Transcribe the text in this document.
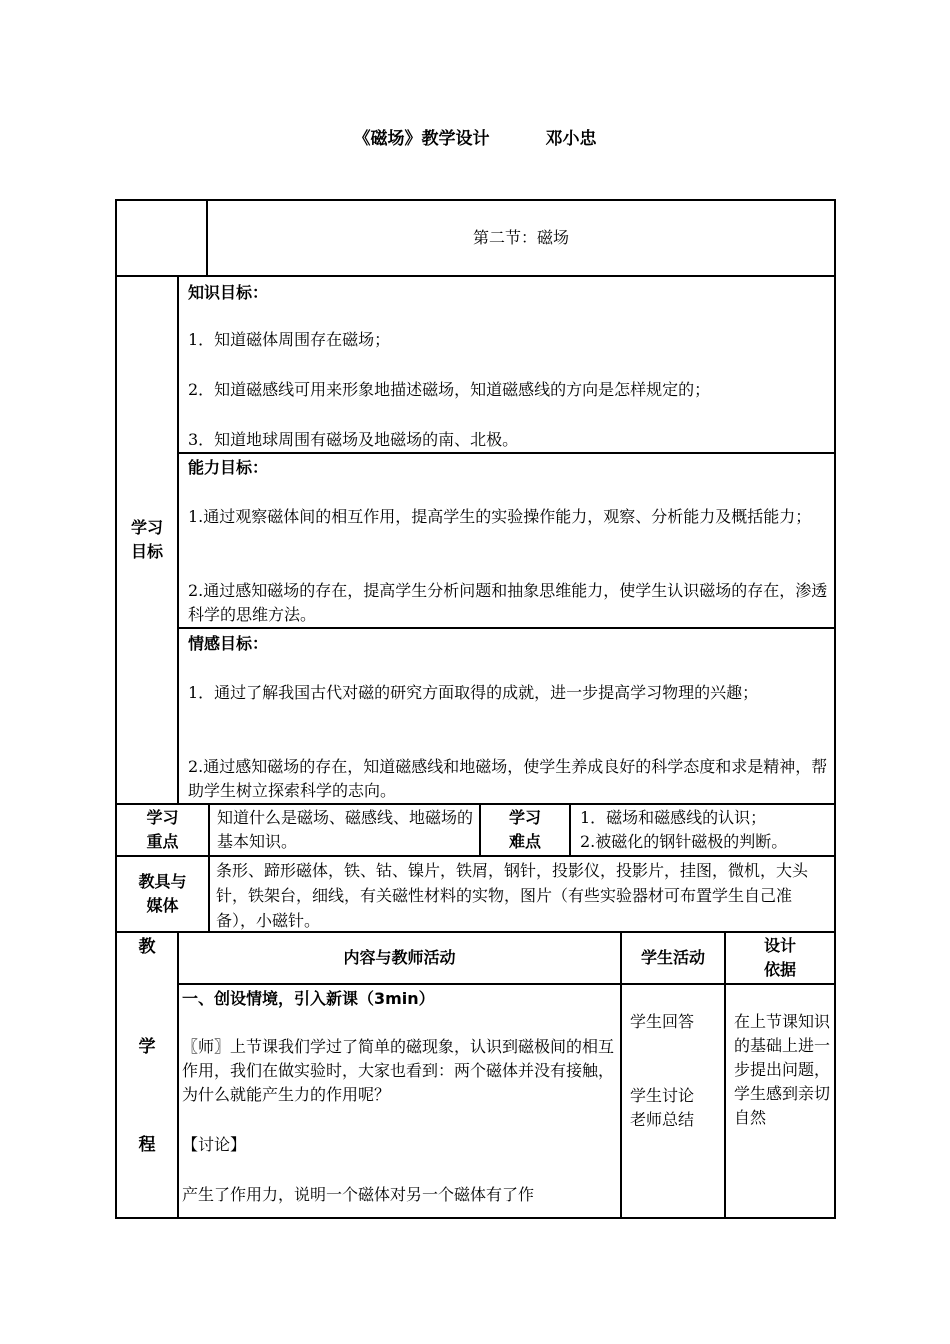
《磁场》教学设计	邓小忠
第二节：磁场
学习
目标
知识目标：
1．知道磁体周围存在磁场；
2．知道磁感线可用来形象地描述磁场，知道磁感线的方向是怎样规定的；
3．知道地球周围有磁场及地磁场的南、北极。
能力目标：
1.通过观察磁体间的相互作用，提高学生的实验操作能力，观察、分析能力及概括能力；
2.通过感知磁场的存在，提高学生分析问题和抽象思维能力，使学生认识磁场的存在，渗透科学的思维方法。
情感目标：
1．通过了解我国古代对磁的研究方面取得的成就，进一步提高学习物理的兴趣；
2.通过感知磁场的存在，知道磁感线和地磁场，使学生养成良好的科学态度和求是精神，帮助学生树立探索科学的志向。
学习
重点
知道什么是磁场、磁感线、地磁场的基本知识。
学习
难点
1．磁场和磁感线的认识；
2.被磁化的钢针磁极的判断。
教具与
媒体
条形、蹄形磁体，铁、钴、镍片，铁屑，钢针，投影仪，投影片，挂图，微机，大头针，铁架台，细线，有关磁性材料的实物，图片（有些实验器材可布置学生自己准备），小磁针。
教
学
程
内容与教师活动	学生活动
设计
依据
一、创设情境，引入新课（3min）
〖师〗上节课我们学过了简单的磁现象，认识到磁极间的相互作用，我们在做实验时，大家也看到：两个磁体并没有接触，为什么就能产生力的作用呢？
【讨论】
产生了作用力，说明一个磁体对另一个磁体有了作
学生回答
学生讨论
老师总结
在上节课知识的基础上进一步提出问题，学生感到亲切自然
